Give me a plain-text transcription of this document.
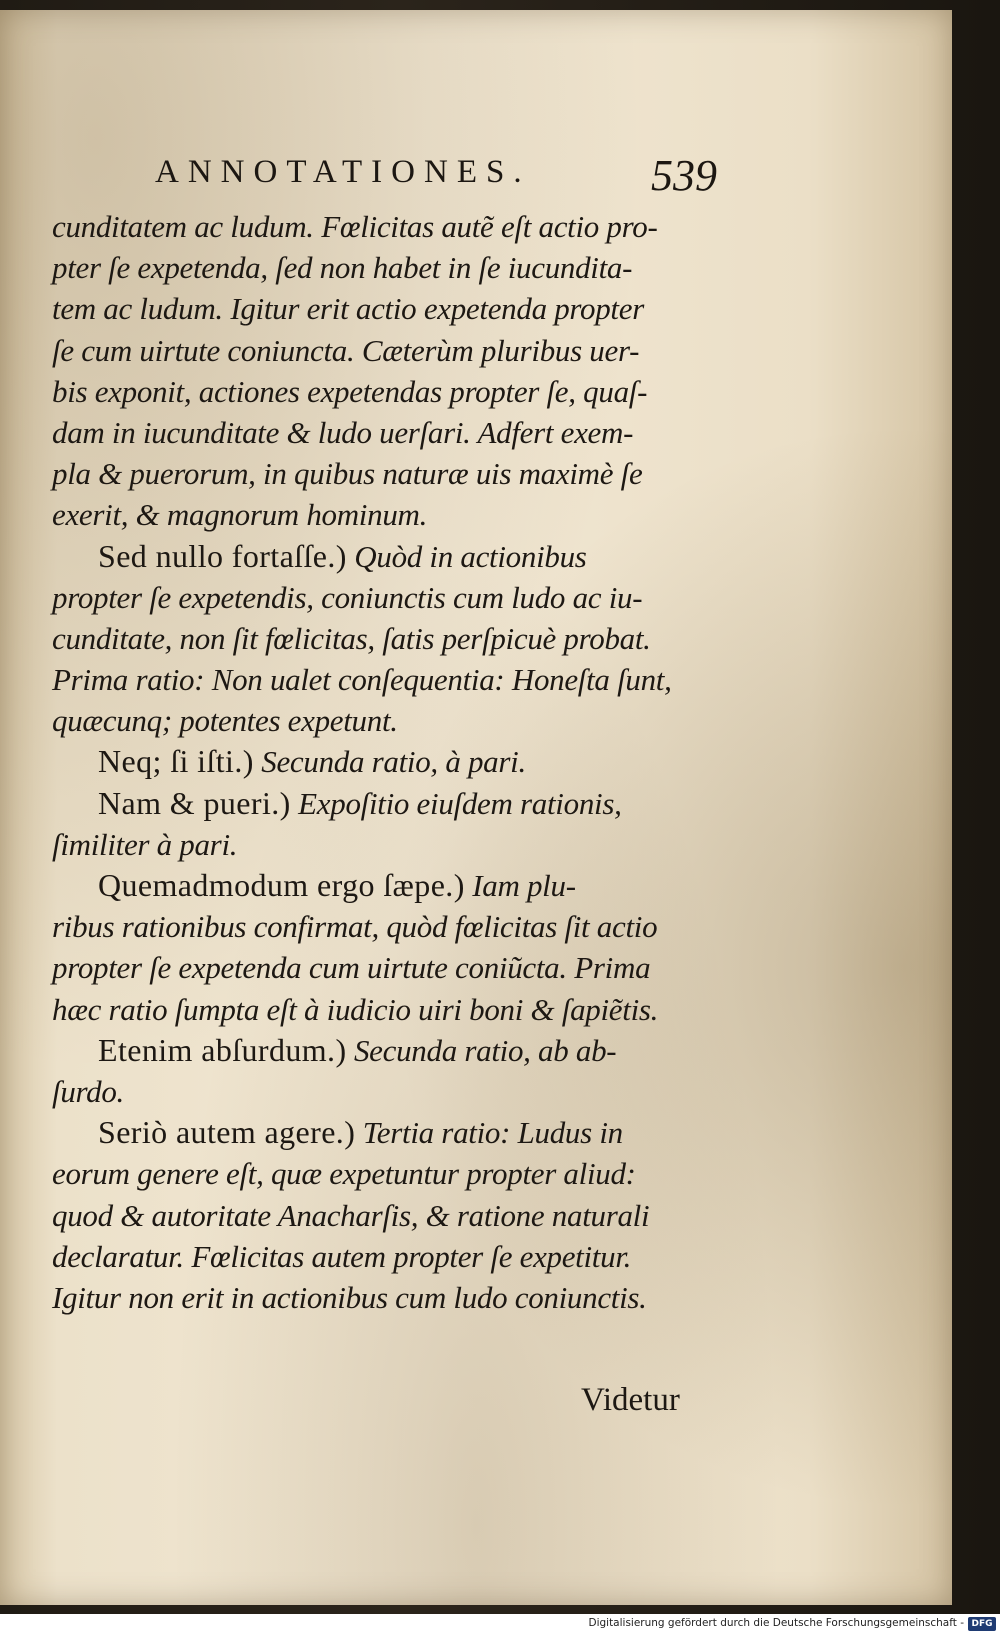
ANNOTATIONES.	539
cunditatem ac ludum. Fœlicitas autẽ eſt actio pro-
pter ſe expetenda, ſed non habet in ſe iucundita-
tem ac ludum. Igitur erit actio expetenda propter
ſe cum uirtute coniuncta. Cæterùm pluribus uer-
bis exponit, actiones expetendas propter ſe, quaſ-
dam in iucunditate & ludo uerſari. Adfert exem-
pla & puerorum, in quibus naturæ uis maximè ſe
exerit, & magnorum hominum.
Sed nullo fortaſſe.) Quòd in actionibus
propter ſe expetendis, coniunctis cum ludo ac iu-
cunditate, non ſit fœlicitas, ſatis perſpicuè probat.
Prima ratio: Non ualet conſequentia: Honeſta ſunt,
quæcunq; potentes expetunt.
Neq; ſi iſti.) Secunda ratio, à pari.
Nam & pueri.) Expoſitio eiuſdem rationis,
ſimiliter à pari.
Quemadmodum ergo ſæpe.) Iam plu-
ribus rationibus confirmat, quòd fœlicitas ſit actio
propter ſe expetenda cum uirtute coniũcta. Prima
hæc ratio ſumpta eſt à iudicio uiri boni & ſapiẽtis.
Etenim abſurdum.) Secunda ratio, ab ab-
ſurdo.
Seriò autem agere.) Tertia ratio: Ludus in
eorum genere eſt, quæ expetuntur propter aliud:
quod & autoritate Anacharſis, & ratione naturali
declaratur. Fœlicitas autem propter ſe expetitur.
Igitur non erit in actionibus cum ludo coniunctis.
Videtur
Digitalisierung gefördert durch die Deutsche Forschungsgemeinschaft - DFG
